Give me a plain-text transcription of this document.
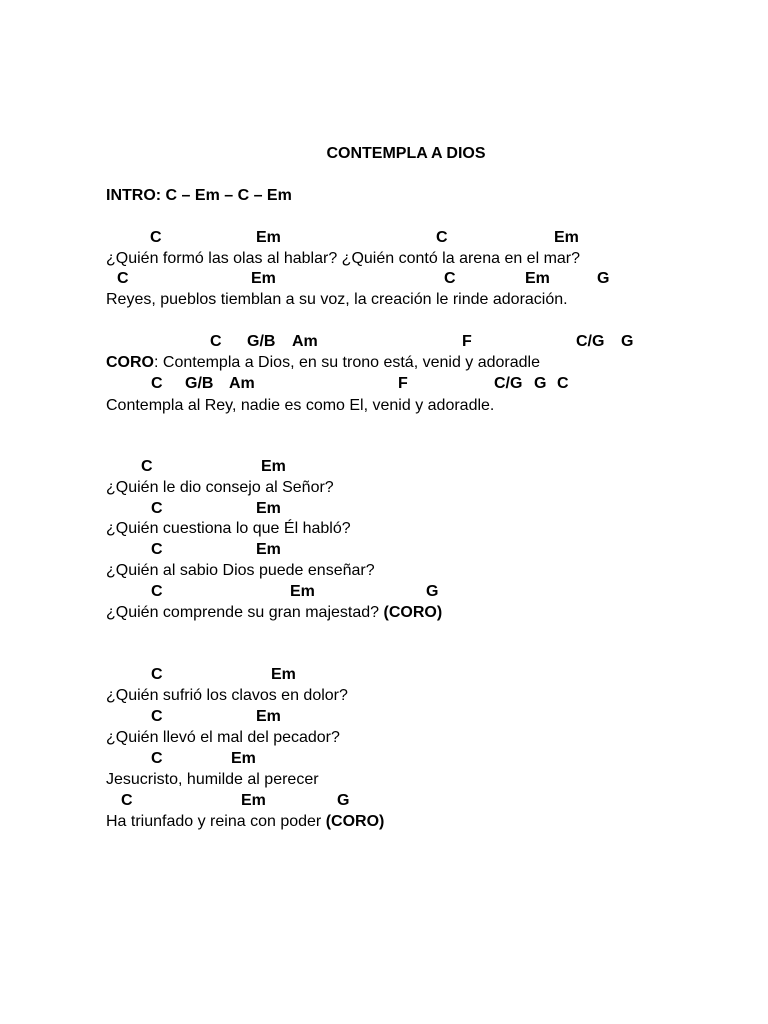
CONTEMPLA A DIOS
INTRO: C – Em – C – Em
C	Em	C	Em
¿Quién formó las olas al hablar? ¿Quién contó la arena en el mar?
C	Em	C	Em	G
Reyes, pueblos tiemblan a su voz, la creación le rinde adoración.
C G/B Am	F	C/G G
CORO: Contempla a Dios, en su trono está, venid y adoradle
C G/B Am	F	C/G G C
Contempla al Rey, nadie es como El, venid y adoradle.
C	Em
¿Quién le dio consejo al Señor?
C	Em
¿Quién cuestiona lo que Él habló?
C	Em
¿Quién al sabio Dios puede enseñar?
C	Em	G
¿Quién comprende su gran majestad? (CORO)
C	Em
¿Quién sufrió los clavos en dolor?
C	Em
¿Quién llevó el mal del pecador?
C	Em
Jesucristo, humilde al perecer
C	Em	G
Ha triunfado y reina con poder (CORO)
